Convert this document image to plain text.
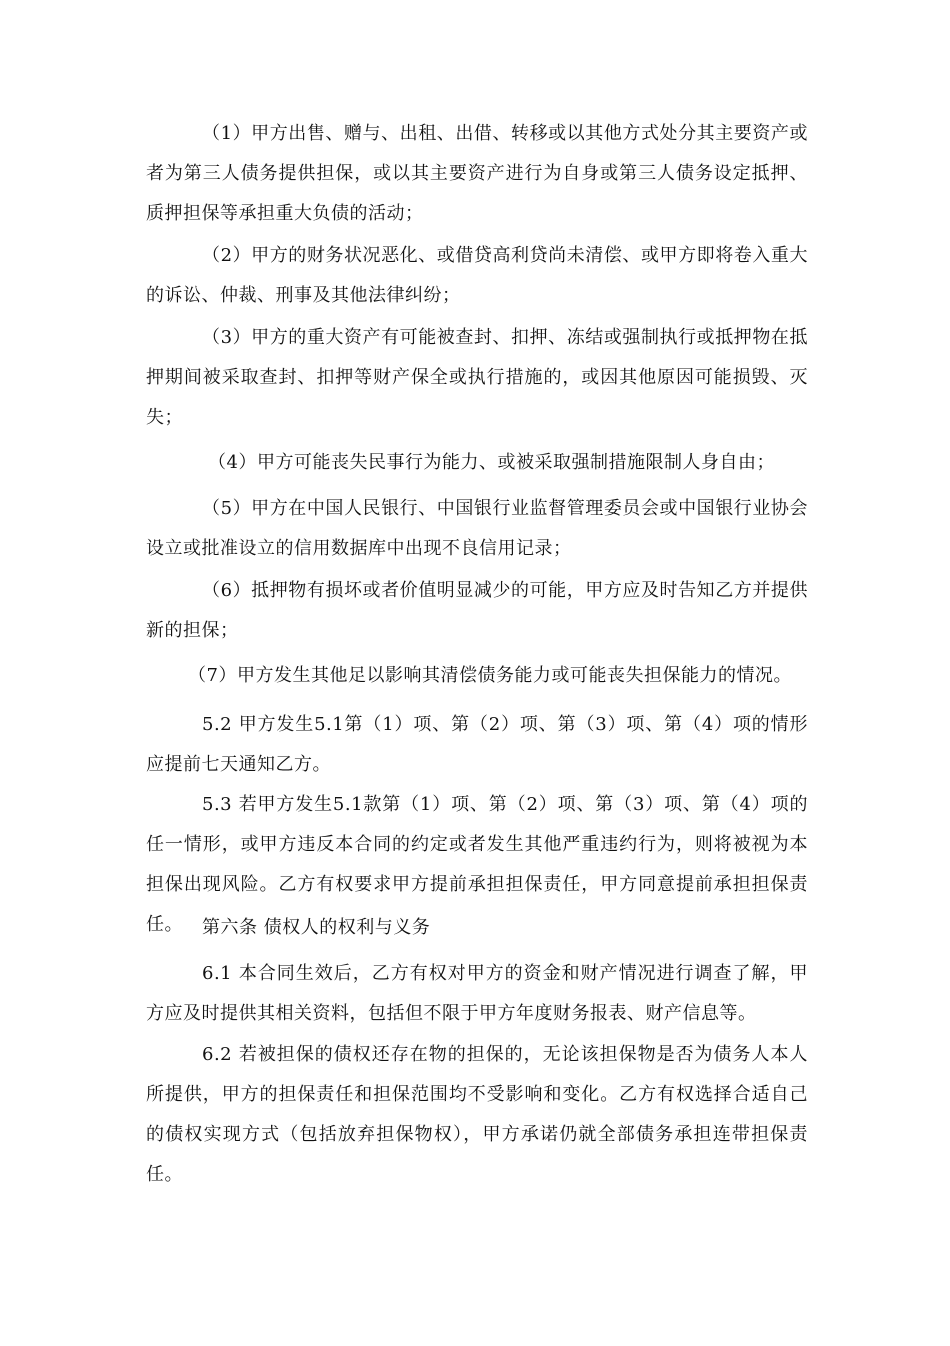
（1）甲方出售、赠与、出租、出借、转移或以其他方式处分其主要资产或者为第三人债务提供担保，或以其主要资产进行为自身或第三人债务设定抵押、质押担保等承担重大负债的活动；

（2）甲方的财务状况恶化、或借贷高利贷尚未清偿、或甲方即将卷入重大的诉讼、仲裁、刑事及其他法律纠纷；

（3）甲方的重大资产有可能被查封、扣押、冻结或强制执行或抵押物在抵押期间被采取查封、扣押等财产保全或执行措施的，或因其他原因可能损毁、灭失；

（4）甲方可能丧失民事行为能力、或被采取强制措施限制人身自由；

（5）甲方在中国人民银行、中国银行业监督管理委员会或中国银行业协会设立或批准设立的信用数据库中出现不良信用记录；

（6）抵押物有损坏或者价值明显减少的可能，甲方应及时告知乙方并提供新的担保；

（7）甲方发生其他足以影响其清偿债务能力或可能丧失担保能力的情况。

5.2 甲方发生5.1第（1）项、第（2）项、第（3）项、第（4）项的情形应提前七天通知乙方。

5.3 若甲方发生5.1款第（1）项、第（2）项、第（3）项、第（4）项的任一情形，或甲方违反本合同的约定或者发生其他严重违约行为，则将被视为本担保出现风险。乙方有权要求甲方提前承担担保责任，甲方同意提前承担担保责任。	第六条 债权人的权利与义务

6.1 本合同生效后，乙方有权对甲方的资金和财产情况进行调查了解，甲方应及时提供其相关资料，包括但不限于甲方年度财务报表、财产信息等。

6.2 若被担保的债权还存在物的担保的，无论该担保物是否为债务人本人所提供，甲方的担保责任和担保范围均不受影响和变化。乙方有权选择合适自己的债权实现方式（包括放弃担保物权），甲方承诺仍就全部债务承担连带担保责任。
